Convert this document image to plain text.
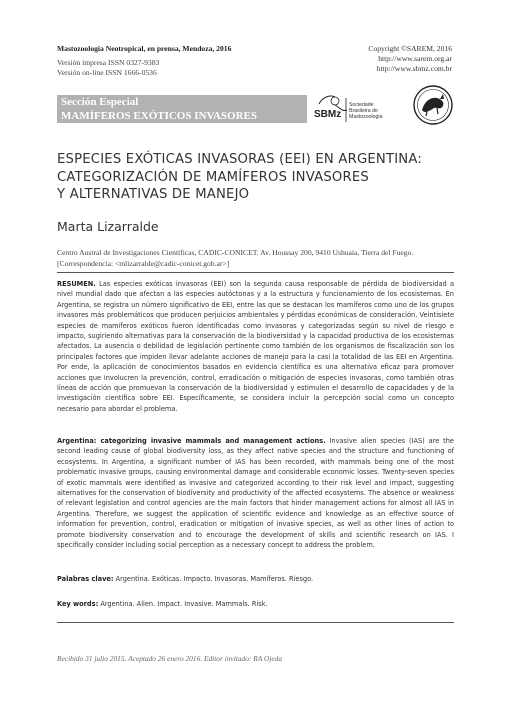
Mastozoología Neotropical, en prensa, Mendoza, 2016
Versión impresa ISSN 0327-9383
Versión on-line ISSN 1666-0536
Copyright ©SAREM, 2016
http://www.sarem.org.ar
http://www.sbmz.com.br
Sección Especial
MAMÍFEROS EXÓTICOS INVASORES	SBMz
Sociedade
Brasileira de
Mastozoologia
ESPECIES EXÓTICAS INVASORAS (EEI) EN ARGENTINA:
CATEGORIZACIÓN DE MAMÍFEROS INVASORES
Y ALTERNATIVAS DE MANEJO
Marta Lizarralde
Centro Austral de Investigaciones Científicas, CADIC-CONICET. Av. Houssay 200, 9410 Ushuaia, Tierra del Fuego.
[Correspondencia: <mlizarralde@cadic-conicet.gob.ar>]
RESUMEN. Las especies exóticas invasoras (EEI) son la segunda causa responsable de pérdida de biodiversidad a nivel mundial dado que afectan a las especies autóctonas y a la estructura y funcionamiento de los ecosistemas. En Argentina, se registra un número significativo de EEI, entre las que se destacan los mamíferos como uno de los grupos invasores más problemáticos que producen perjuicios ambientales y pérdidas económicas de consideración. Veintisiete especies de mamíferos exóticos fueron identificadas como invasoras y categorizadas según su nivel de riesgo e impacto, sugiriendo alternativas para la conservación de la biodiversidad y la capacidad productiva de los ecosistemas afectados. La ausencia o debilidad de legislación pertinente como también de los organismos de fiscalización son los principales factores que impiden llevar adelante acciones de manejo para la casi la totalidad de las EEI en Argentina. Por ende, la aplicación de conocimientos basados en evidencia científica es una alternativa eficaz para promover acciones que involucren la prevención, control, erradicación o mitigación de especies invasoras, como también otras líneas de acción que promuevan la conservación de la biodiversidad y estimulen el desarrollo de capacidades y de la investigación científica sobre EEI. Específicamente, se considera incluir la percepción social como un concepto necesario para abordar el problema.
Argentina: categorizing invasive mammals and management actions. Invasive alien species (IAS) are the second leading cause of global biodiversity loss, as they affect native species and the structure and functioning of ecosystems. In Argentina, a significant number of IAS has been recorded, with mammals being one of the most problematic invasive groups, causing environmental damage and considerable economic losses. Twenty-seven species of exotic mammals were identified as invasive and categorized according to their risk level and impact, suggesting alternatives for the conservation of biodiversity and productivity of the affected ecosystems. The absence or weakness of relevant legislation and control agencies are the main factors that hinder management actions for almost all IAS in Argentina. Therefore, we suggest the application of scientific evidence and knowledge as an effective source of information for prevention, control, eradication or mitigation of invasive species, as well as other lines of action to promote biodiversity conservation and to encourage the development of skills and scientific research on IAS. I specifically consider including social perception as a necessary concept to address the problem.
Palabras clave: Argentina. Exóticas. Impacto. Invasoras. Mamíferos. Riesgo.
Key words: Argentina. Alien. Impact. Invasive. Mammals. Risk.
Recibido 31 julio 2015. Aceptado 26 enero 2016. Editor invitado: RA Ojeda
